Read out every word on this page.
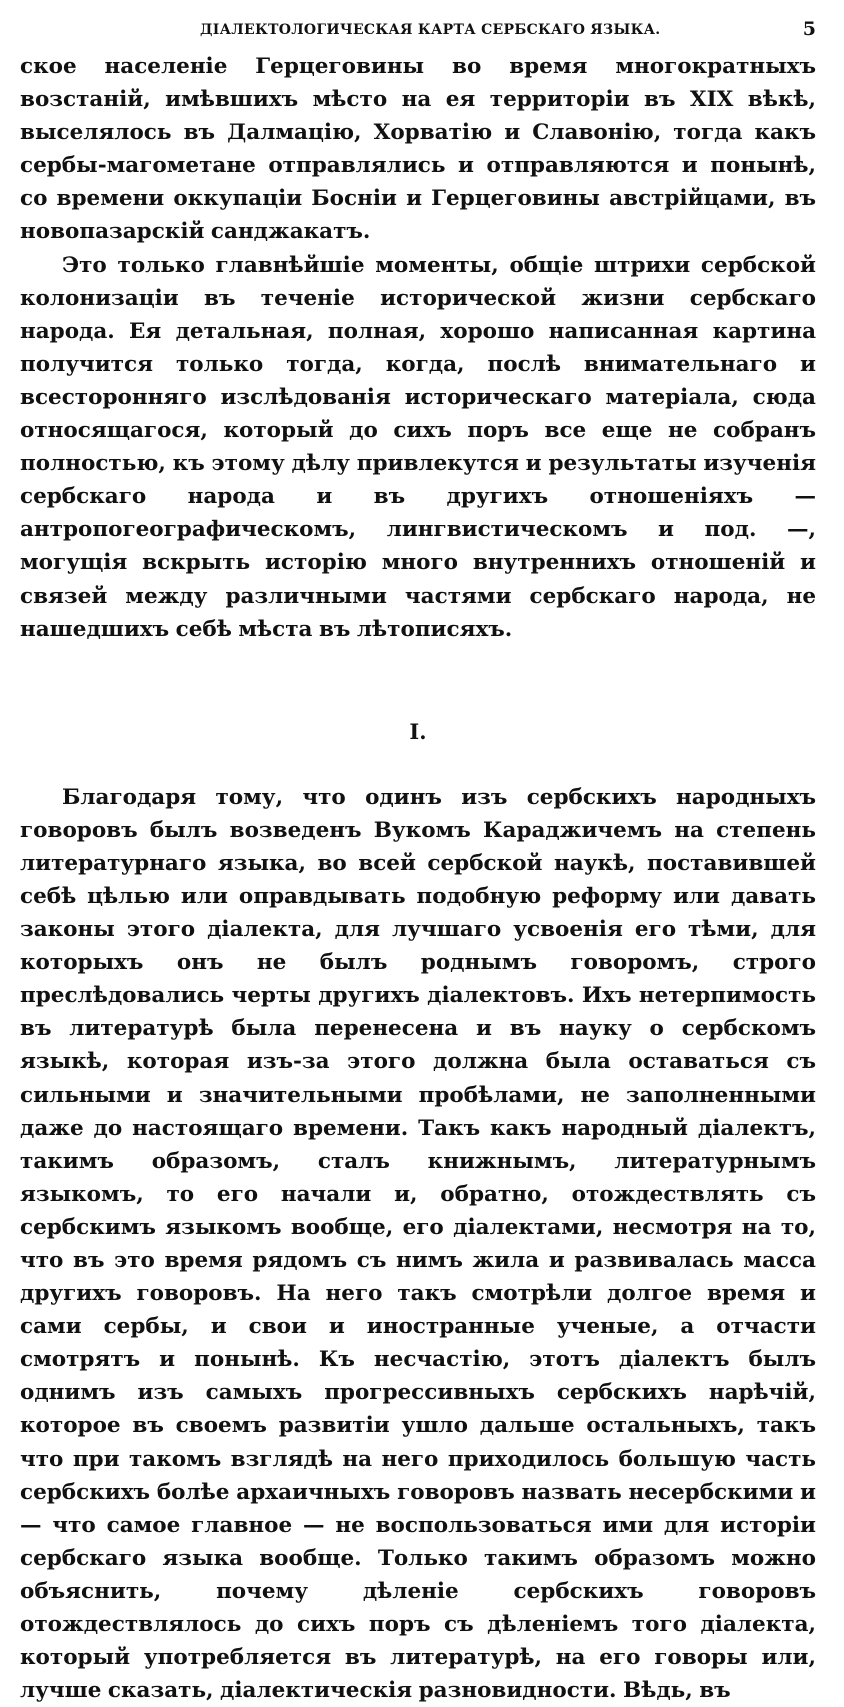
ДІАЛЕКТОЛОГИЧЕСКАЯ КАРТА СЕРБСКАГО ЯЗЫКА.	5

ское населеніе Герцеговины во время многократныхъ возстаній, имѣвшихъ мѣсто на ея территоріи въ XIX вѣкѣ, выселялось въ Далмацію, Хорватію и Славонію, тогда какъ сербы-магометане отправлялись и отправляются и понынѣ, со времени оккупаціи Босніи и Герцеговины австрійцами, въ новопазарскій санджакатъ.

Это только главнѣйшіе моменты, общіе штрихи сербской колонизаціи въ теченіе исторической жизни сербскаго народа. Ея детальная, полная, хорошо написанная картина получится только тогда, когда, послѣ внимательнаго и всесторонняго изслѣдованія историческаго матеріала, сюда относящагося, который до сихъ поръ все еще не собранъ полностью, къ этому дѣлу привлекутся и результаты изученія сербскаго народа и въ другихъ отношеніяхъ — антропогеографическомъ, лингвистическомъ и под. —, могущія вскрыть исторію много внутреннихъ отношеній и связей между различными частями сербскаго народа, не нашедшихъ себѣ мѣста въ лѣтописяхъ.

I.

Благодаря тому, что одинъ изъ сербскихъ народныхъ говоровъ былъ возведенъ Вукомъ Караджичемъ на степень литературнаго языка, во всей сербской наукѣ, поставившей себѣ цѣлью или оправдывать подобную реформу или давать законы этого діалекта, для лучшаго усвоенія его тѣми, для которыхъ онъ не былъ роднымъ говоромъ, строго преслѣдовались черты другихъ діалектовъ. Ихъ нетерпимость въ литературѣ была перенесена и въ науку о сербскомъ языкѣ, которая изъ-за этого должна была оставаться съ сильными и значительными пробѣлами, не заполненными даже до настоящаго времени. Такъ какъ народный діалектъ, такимъ образомъ, сталъ книжнымъ, литературнымъ языкомъ, то его начали и, обратно, отождествлять съ сербскимъ языкомъ вообще, его діалектами, несмотря на то, что въ это время рядомъ съ нимъ жила и развивалась масса другихъ говоровъ. На него такъ смотрѣли долгое время и сами сербы, и свои и иностранные ученые, а отчасти смотрятъ и понынѣ. Къ несчастію, этотъ діалектъ былъ однимъ изъ самыхъ прогрессивныхъ сербскихъ нарѣчій, которое въ своемъ развитіи ушло дальше остальныхъ, такъ что при такомъ взглядѣ на него приходилось большую часть сербскихъ болѣе архаичныхъ говоровъ назвать несербскими и — что самое главное — не воспользоваться ими для исторіи сербскаго языка вообще. Только такимъ образомъ можно объяснить, почему дѣленіе сербскихъ говоровъ отождествлялось до сихъ поръ съ дѣленіемъ того діалекта, который употребляется въ литературѣ, на его говоры или, лучше сказать, діалектическія разновидности. Вѣдь, въ
